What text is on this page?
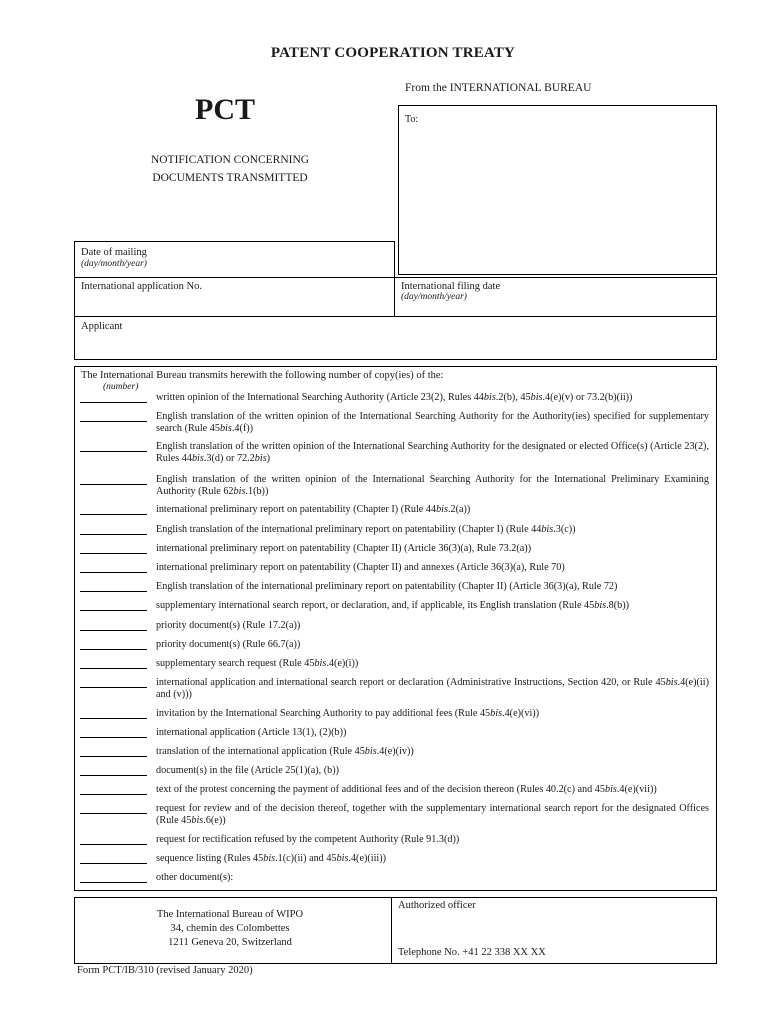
PATENT COOPERATION TREATY
From the INTERNATIONAL BUREAU
PCT
NOTIFICATION CONCERNING
DOCUMENTS TRANSMITTED
To:
Date of mailing
(day/month/year)
International application No.	International filing date
(day/month/year)
Applicant
The International Bureau transmits herewith the following number of copy(ies) of the:
(number)
written opinion of the International Searching Authority (Article 23(2), Rules 44bis.2(b), 45bis.4(e)(v) or 73.2(b)(ii))
English translation of the written opinion of the International Searching Authority for the Authority(ies) specified for supplementary search (Rule 45bis.4(f))
English translation of the written opinion of the International Searching Authority for the designated or elected Office(s) (Article 23(2), Rules 44bis.3(d) or 72.2bis)
English translation of the written opinion of the International Searching Authority for the International Preliminary Examining Authority (Rule 62bis.1(b))
international preliminary report on patentability (Chapter I) (Rule 44bis.2(a))
English translation of the international preliminary report on patentability (Chapter I) (Rule 44bis.3(c))
international preliminary report on patentability (Chapter II) (Article 36(3)(a), Rule 73.2(a))
international preliminary report on patentability (Chapter II) and annexes (Article 36(3)(a), Rule 70)
English translation of the international preliminary report on patentability (Chapter II) (Article 36(3)(a), Rule 72)
supplementary international search report, or declaration, and, if applicable, its English translation (Rule 45bis.8(b))
priority document(s) (Rule 17.2(a))
priority document(s) (Rule 66.7(a))
supplementary search request (Rule 45bis.4(e)(i))
international application and international search report or declaration (Administrative Instructions, Section 420, or Rule 45bis.4(e)(ii) and (v)))
invitation by the International Searching Authority to pay additional fees (Rule 45bis.4(e)(vi))
international application (Article 13(1), (2)(b))
translation of the international application (Rule 45bis.4(e)(iv))
document(s) in the file (Article 25(1)(a), (b))
text of the protest concerning the payment of additional fees and of the decision thereon (Rules 40.2(c) and 45bis.4(e)(vii))
request for review and of the decision thereof, together with the supplementary international search report for the designated Offices (Rule 45bis.6(e))
request for rectification refused by the competent Authority (Rule 91.3(d))
sequence listing (Rules 45bis.1(c)(ii) and 45bis.4(e)(iii))
other document(s):
The International Bureau of WIPO
34, chemin des Colombettes
1211 Geneva 20, Switzerland
Authorized officer
Telephone No. +41 22 338 XX XX
Form PCT/IB/310 (revised January 2020)
